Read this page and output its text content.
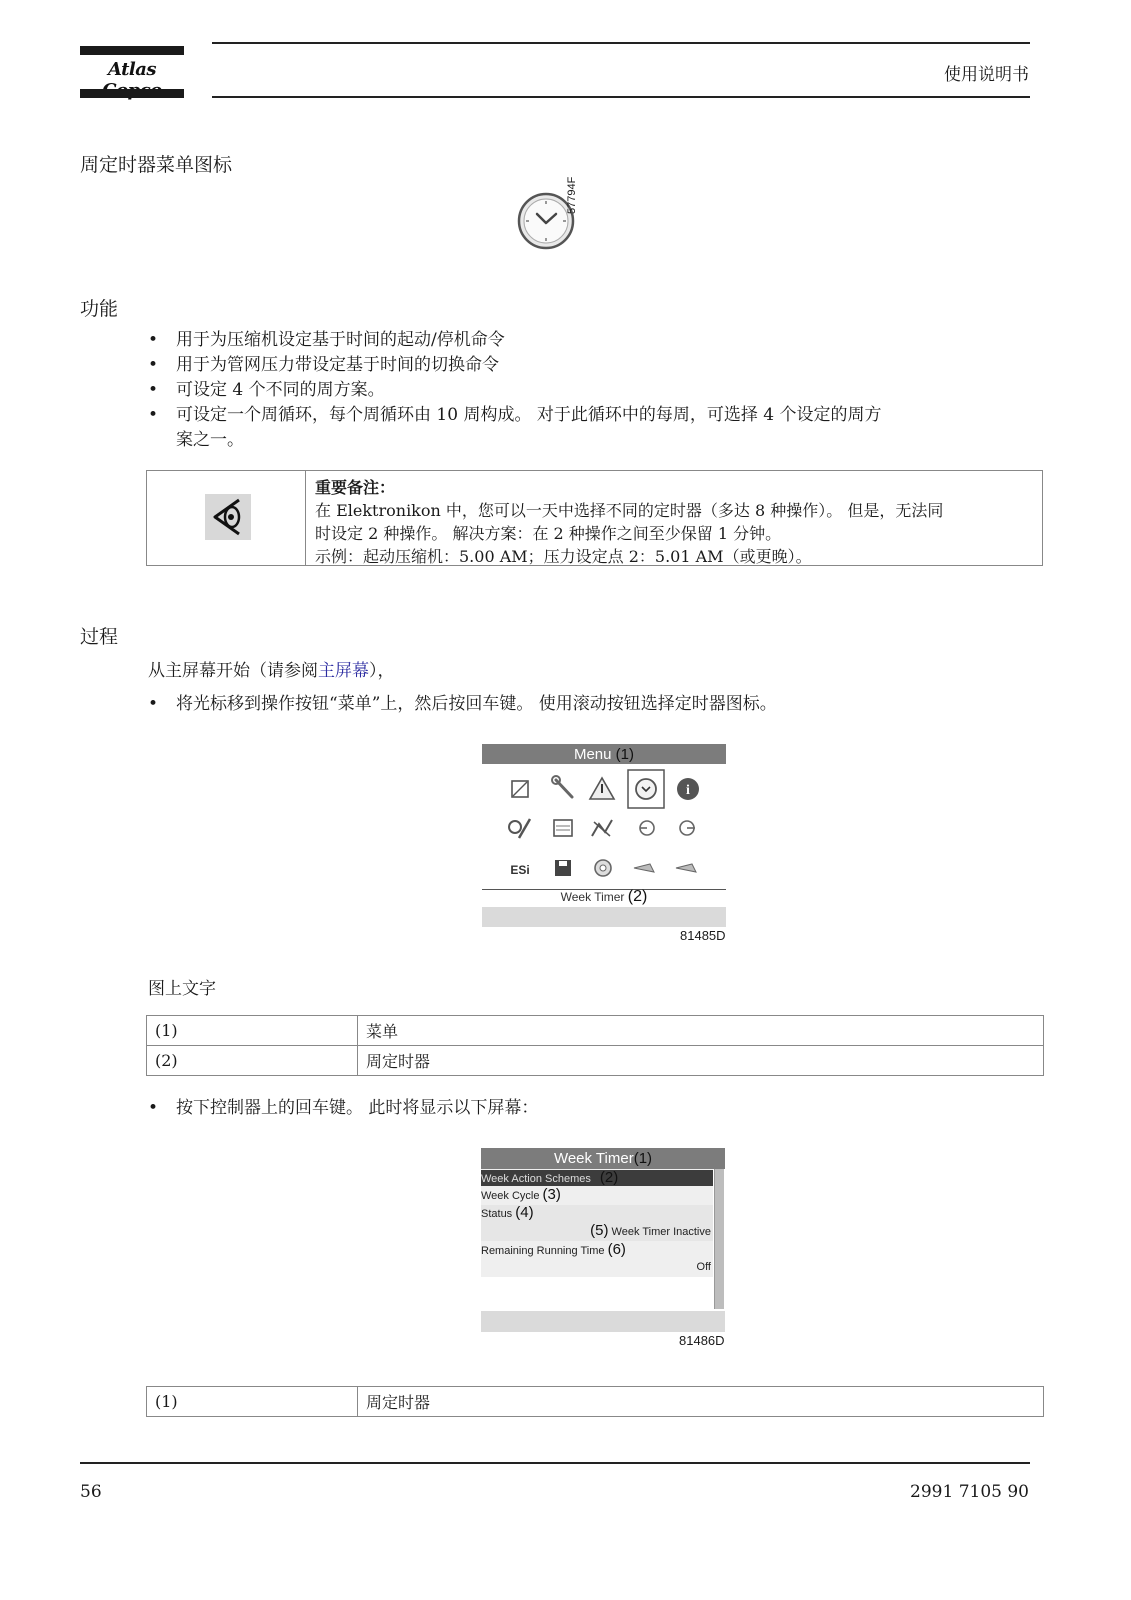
Atlas	使用说明书
周定时器菜单图标
57794F
功能
• 用于为压缩机设定基于时间的起动/停机命令
• 用于为管网压力带设定基于时间的切换命令
• 可设定 4 个不同的周方案。
• 可设定一个周循环，每个周循环由 10 周构成。 对于此循环中的每周，可选择 4 个设定的周方
案之一。
重要备注：
在 Elektronikon 中，您可以一天中选择不同的定时器（多达 8 种操作）。 但是，无法同
时设定 2 种操作。 解决方案：在 2 种操作之间至少保留 1 分钟。
示例：起动压缩机：5.00 AM；压力设定点 2：5.01 AM（或更晚）。
过程
从主屏幕开始（请参阅主屏幕），
• 将光标移到操作按钮“菜单”上，然后按回车键。 使用滚动按钮选择定时器图标。
Menu (1)
i
ESi
Week Timer (2)
81485D
图上文字
(1)	菜单
(2)	周定时器
• 按下控制器上的回车键。 此时将显示以下屏幕：
Week Timer(1)
Week Action Schemes (2)
Week Cycle (3)
Status (4)
(5) Week Timer Inactive
Remaining Running Time (6)
Off
81486D
(1)	周定时器
56	2991 7105 90
